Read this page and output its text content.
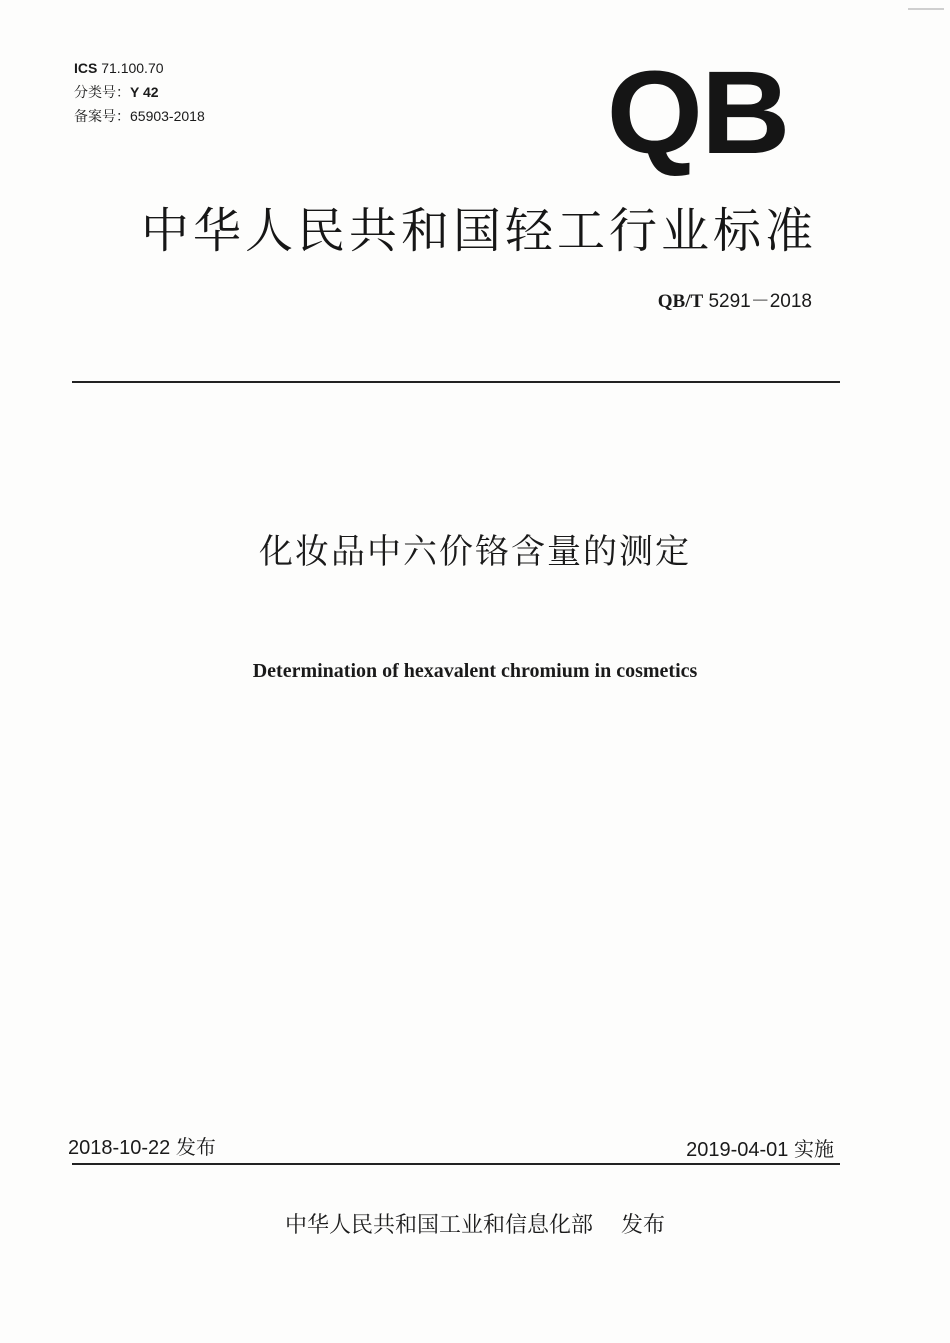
ICS 71.100.70
分类号：Y 42
备案号：65903-2018	QB
中华人民共和国轻工行业标准
QB/T 5291－2018
化妆品中六价铬含量的测定
Determination of hexavalent chromium in cosmetics
2018-10-22 发布	2019-04-01 实施
中华人民共和国工业和信息化部 发布
